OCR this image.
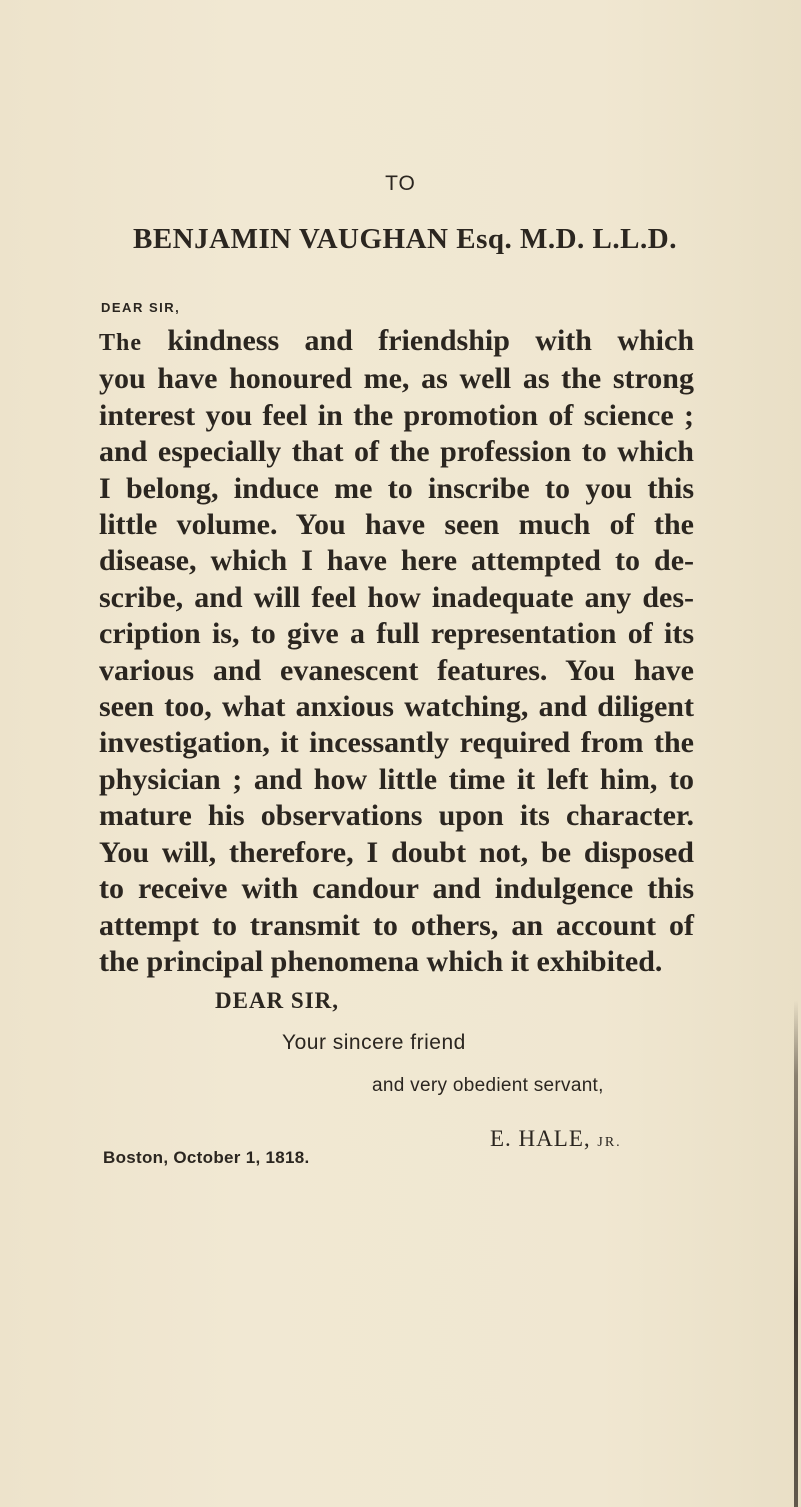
TO
BENJAMIN VAUGHAN Esq. M.D. L.L.D.
DEAR SIR,
The kindness and friendship with which
you have honoured me, as well as the strong
interest you feel in the promotion of science ;
and especially that of the profession to which
I belong, induce me to inscribe to you this
little volume. You have seen much of the
disease, which I have here attempted to de-
scribe, and will feel how inadequate any des-
cription is, to give a full representation of its
various and evanescent features. You have
seen too, what anxious watching, and diligent
investigation, it incessantly required from the
physician ; and how little time it left him, to
mature his observations upon its character.
You will, therefore, I doubt not, be disposed
to receive with candour and indulgence this
attempt to transmit to others, an account of
the principal phenomena which it exhibited.
DEAR SIR,
Your sincere friend
and very obedient servant,
E. HALE, JR.
Boston, October 1, 1818.
